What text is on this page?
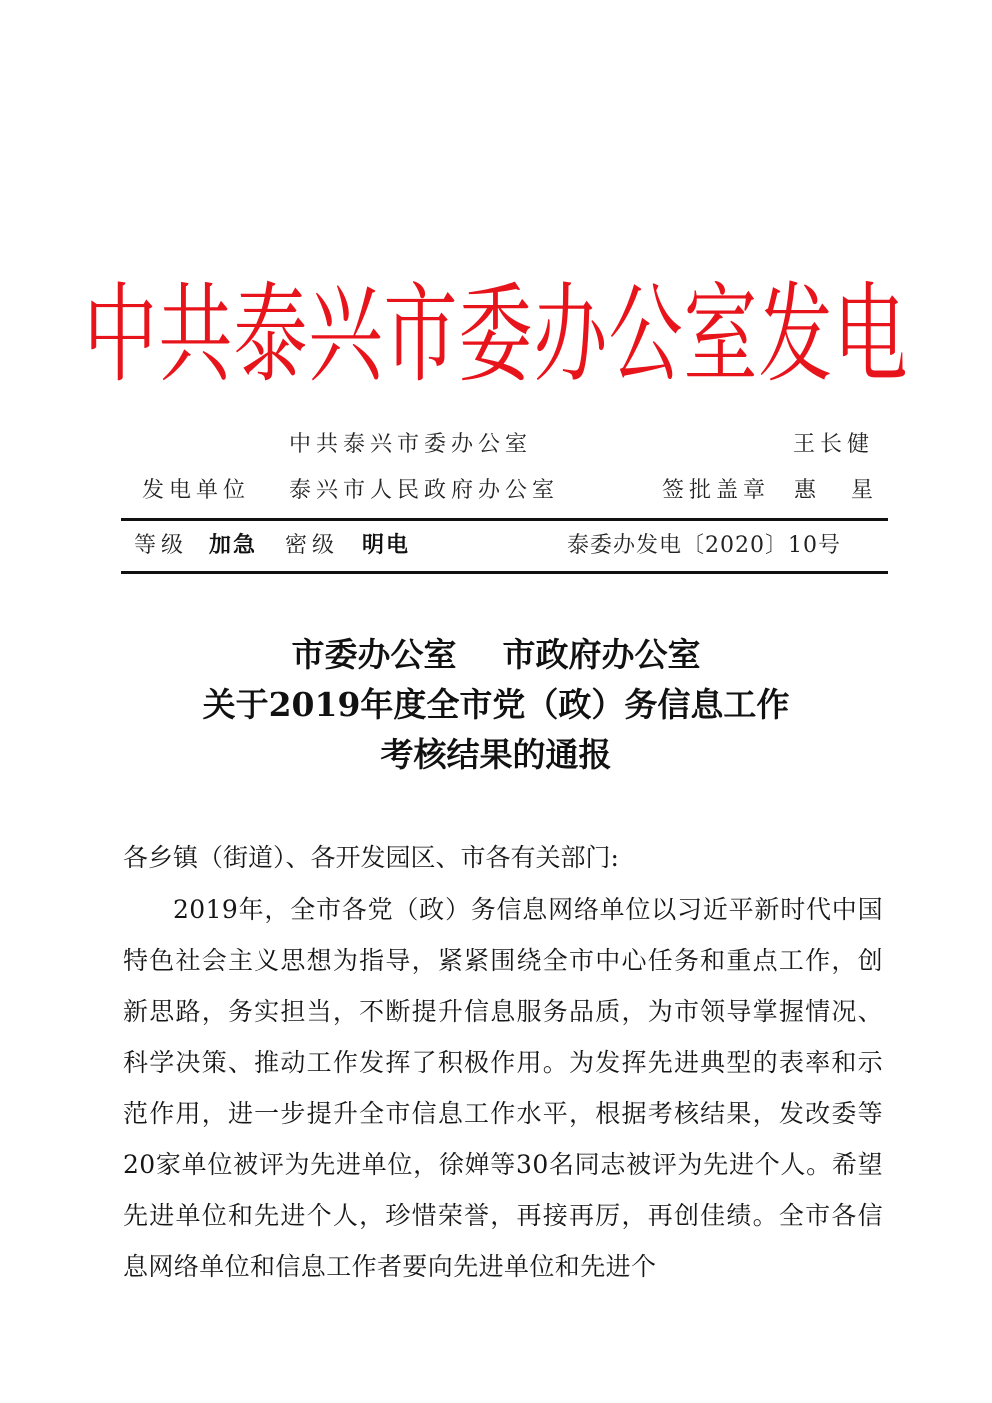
中共泰兴市委办公室发电
中共泰兴市委办公室	王长健
发电单位 泰兴市人民政府办公室	签批盖章 惠 星
等级 加急 密级 明电	泰委办发电〔2020〕10号
市委办公室    市政府办公室
关于2019年度全市党（政）务信息工作
考核结果的通报
各乡镇（街道）、各开发园区、市各有关部门:
2019年，全市各党（政）务信息网络单位以习近平新时代中国特色社会主义思想为指导，紧紧围绕全市中心任务和重点工作，创新思路，务实担当，不断提升信息服务品质，为市领导掌握情况、科学决策、推动工作发挥了积极作用。为发挥先进典型的表率和示范作用，进一步提升全市信息工作水平，根据考核结果，发改委等20家单位被评为先进单位，徐婵等30名同志被评为先进个人。希望先进单位和先进个人，珍惜荣誉，再接再厉，再创佳绩。全市各信息网络单位和信息工作者要向先进单位和先进个
